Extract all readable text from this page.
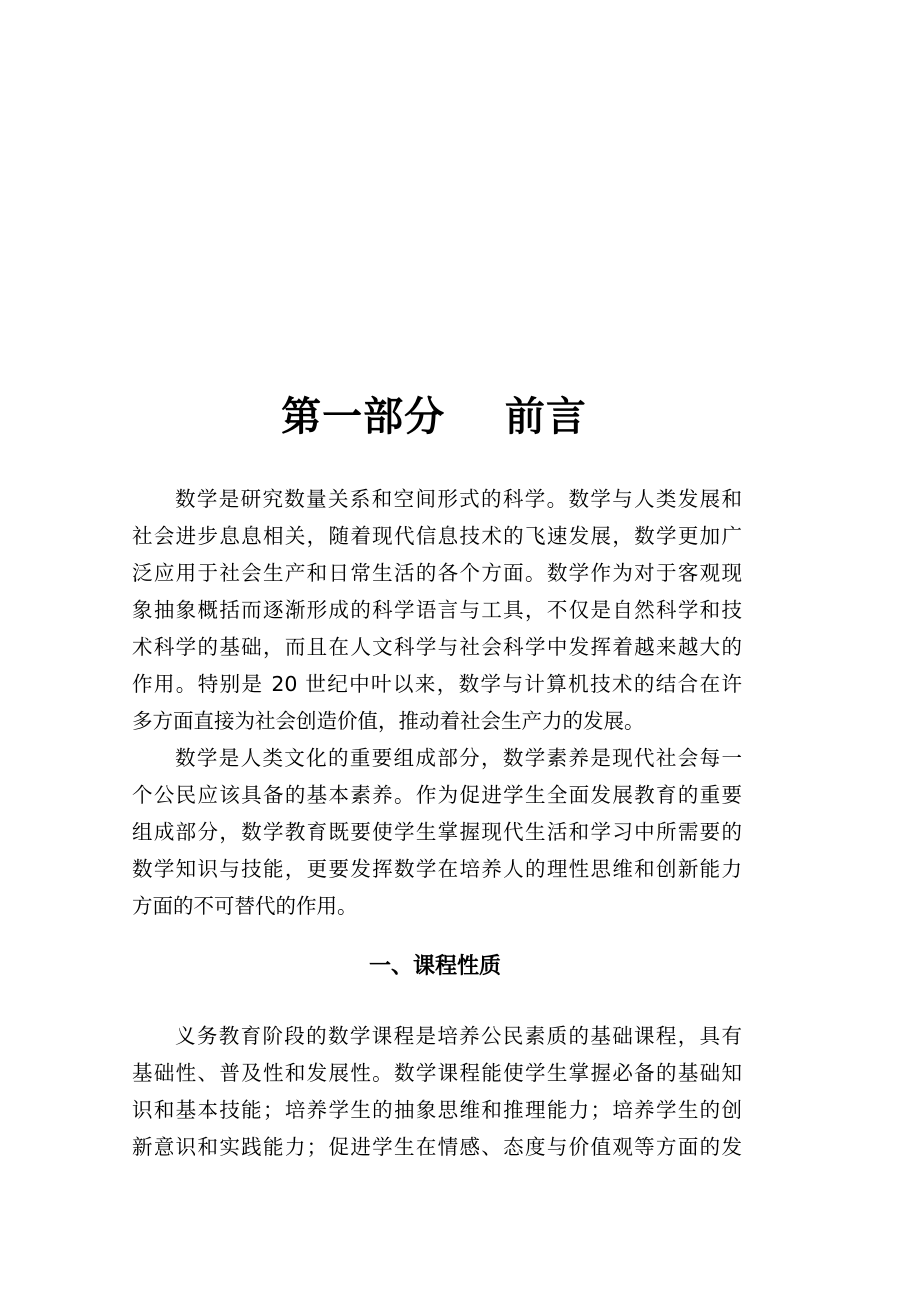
第一部分    前言
数学是研究数量关系和空间形式的科学。数学与人类发展和
社会进步息息相关，随着现代信息技术的飞速发展，数学更加广
泛应用于社会生产和日常生活的各个方面。数学作为对于客观现
象抽象概括而逐渐形成的科学语言与工具，不仅是自然科学和技
术科学的基础，而且在人文科学与社会科学中发挥着越来越大的
作用。特别是 20 世纪中叶以来，数学与计算机技术的结合在许
多方面直接为社会创造价值，推动着社会生产力的发展。
数学是人类文化的重要组成部分，数学素养是现代社会每一
个公民应该具备的基本素养。作为促进学生全面发展教育的重要
组成部分，数学教育既要使学生掌握现代生活和学习中所需要的
数学知识与技能，更要发挥数学在培养人的理性思维和创新能力
方面的不可替代的作用。
一、课程性质
义务教育阶段的数学课程是培养公民素质的基础课程，具有
基础性、普及性和发展性。数学课程能使学生掌握必备的基础知
识和基本技能；培养学生的抽象思维和推理能力；培养学生的创
新意识和实践能力；促进学生在情感、态度与价值观等方面的发
